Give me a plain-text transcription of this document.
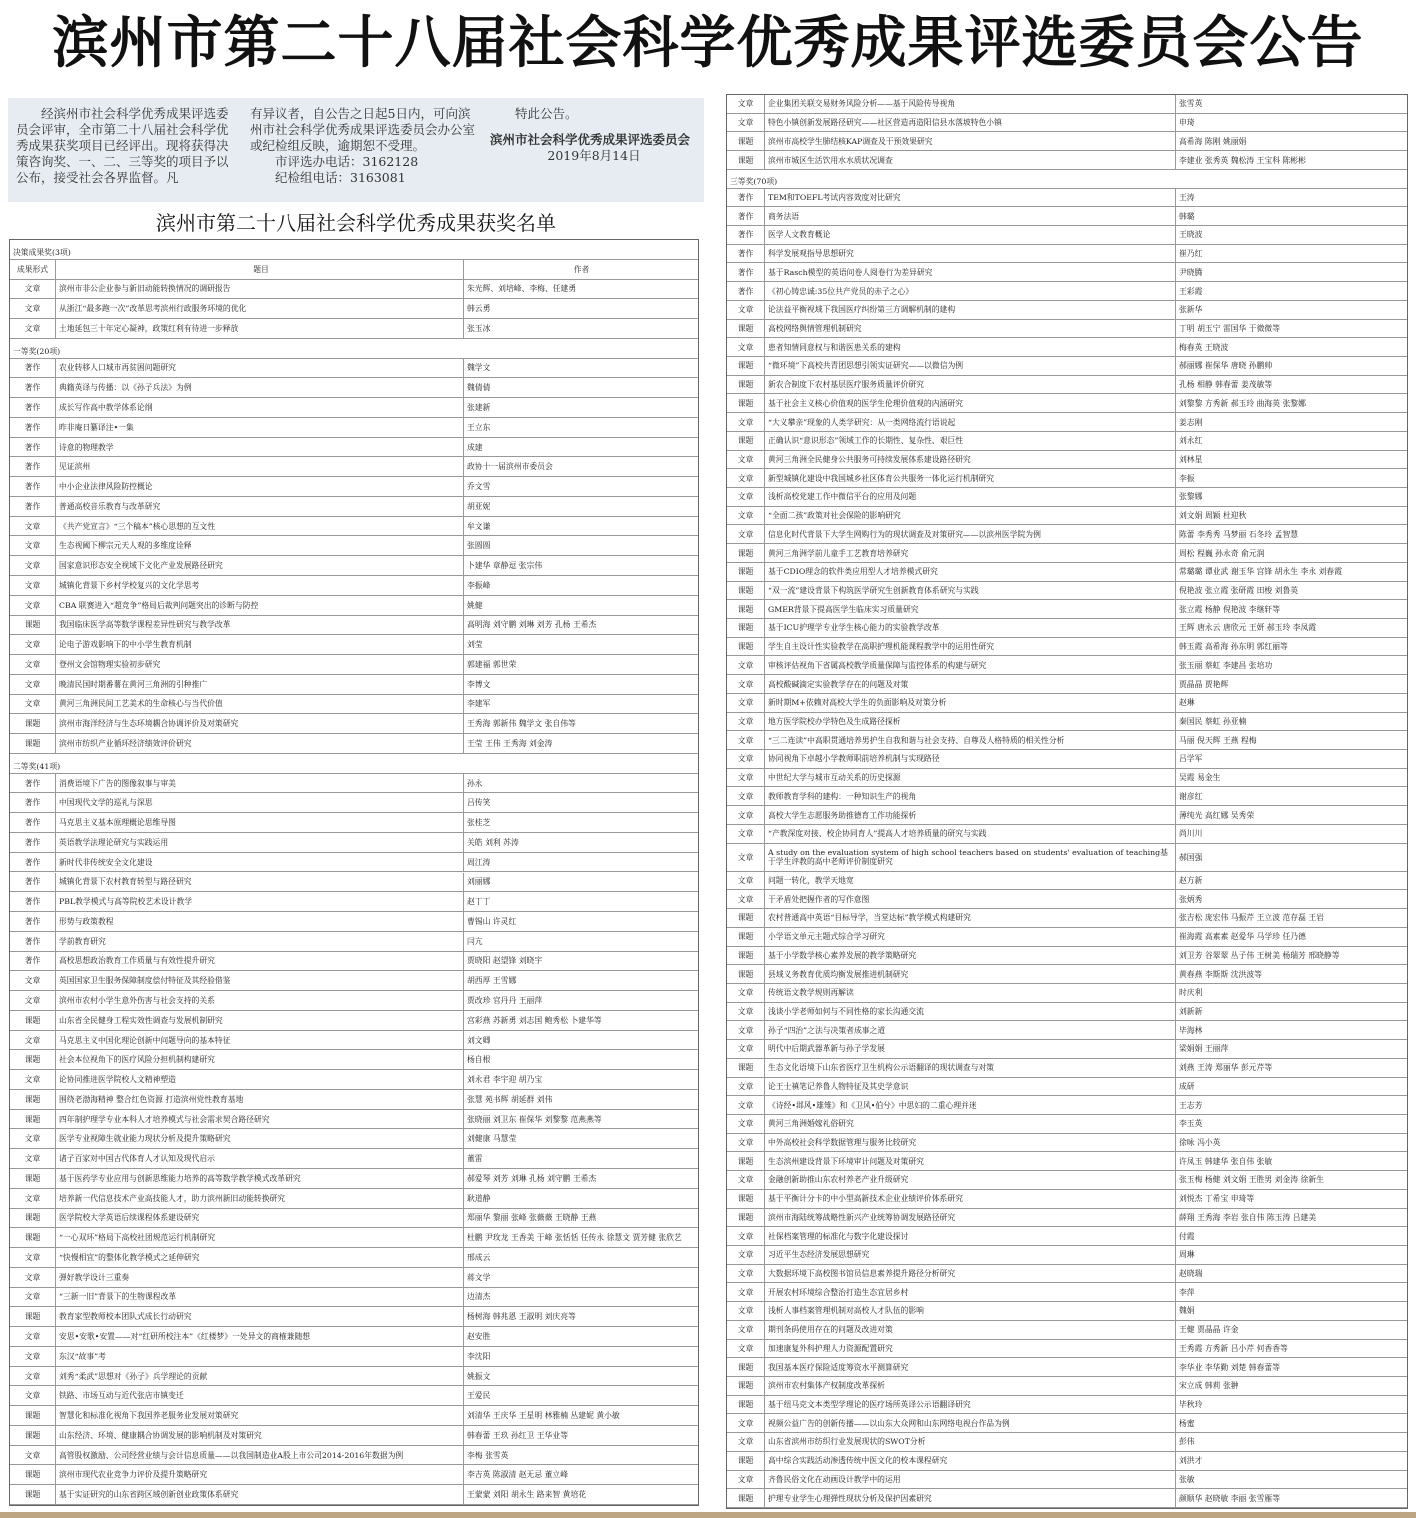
滨州市第二十八届社会科学优秀成果评选委员会公告

经滨州市社会科学优秀成果评选委员会评审，全市第二十八届社会科学优秀成果获奖项目已经评出。现将获得决策咨询奖、一、二、三等奖的项目予以公布，接受社会各界监督。凡

有异议者，自公告之日起5日内，可向滨州市社会科学优秀成果评选委员会办公室或纪检组反映，逾期恕不受理。
市评选办电话：3162128
纪检组电话：3163081
特此公告。
滨州市社会科学优秀成果评选委员会
2019年8月14日
滨州市第二十八届社会科学优秀成果获奖名单
决策成果奖(3项)
成果形式	题目	作者
文章	滨州市非公企业参与新旧动能转换情况的调研报告	朱光辉、刘培峰、李梅、任建勇
文章	从浙江“最多跑一次”改革思考滨州行政服务环境的优化	韩云勇
文章	土地延包三十年定心凝神，政策红利有待进一步释放	张玉冰
一等奖(20项)
著作	农业转移人口城市再贫困问题研究	魏学文
著作	典籍英译与传播：以《孙子兵法》为例	魏倩倩
著作	成长写作高中教学体系论纲	张建新
著作	昨非庵日纂译注•一集	王立东
著作	诗意的物理教学	成建
著作	见证滨州	政协十一届滨州市委员会
著作	中小企业法律风险防控概论	乔文雪
著作	普通高校音乐教育与改革研究	胡亚妮
文章	《共产党宣言》“三个稿本”核心思想的互文性	牟文谦
文章	生态视阈下柳宗元天人观的多维度诠释	张圆圆
文章	国家意识形态安全视域下文化产业发展路径研究	卜建华 章静逗 张宗伟
文章	城镇化背景下乡村学校复兴的文化学思考	李振峰
文章	CBA 联赛进入“超竞争”格局后裁判问题突出的诊断与防控	姚健
课题	我国临床医学高等数学课程差异性研究与教学改革	高明海 刘守鹏 刘琳 刘芳 孔杨 王希杰
文章	论电子游戏影响下的中小学生教育机制	刘莹
文章	登州文会馆物理实验初步研究	郭建福 郭世荣
文章	晚清民国时期番薯在黄河三角洲的引种推广	李博文
文章	黄河三角洲民间工艺美术的生命核心与当代价值	李建军
课题	滨州市海洋经济与生态环境耦合协调评价及对策研究	王秀海 郭新伟 魏学文 张自伟等
课题	滨州市纺织产业循环经济绩效评价研究	王莹 王伟 王秀海 刘金涛
二等奖(41项)
著作	消费语境下广告的图像叙事与审美	孙永
著作	中国现代文学的巡礼与深思	吕传笑
著作	马克思主义基本原理概论思维导图	张桂芝
著作	英语教学法理论研究与实践运用	关皓 刘利 苏涛
著作	新时代非传统安全文化建设	周江涛
著作	城镇化背景下农村教育转型与路径研究	刘丽娜
著作	PBL教学模式与高等院校艺术设计教学	赵丁丁
著作	形势与政策教程	曹锡山 许灵红
著作	学前教育研究	闫亢
著作	高校思想政治教育工作质量与有效性提升研究	贾晓阳 赵望锋 刘晓宇
文章	英国国家卫生服务保障制度偿付特征及其经验借鉴	胡西厚 王雪娜
文章	滨州市农村小学生意外伤害与社会支持的关系	贾改珍 官丹丹 王丽萍
课题	山东省全民健身工程实效性调查与发展机制研究	宫彩燕 苏新勇 刘志国 鲍秀松 卜建华等
文章	马克思主义中国化理论创新中问题导向的基本特征	刘文卿
课题	社会本位视角下的医疗风险分担机制构建研究	杨自根
文章	论协同推进医学院校人文精神塑造	刘永君 李宇迎 胡乃宝
课题	围绕老渤海精神 整合红色资源 打造滨州党性教育基地	张慧 苑书辉 胡延群 刘伟
课题	四年制护理学专业本科人才培养模式与社会需求契合路径研究	张晓丽 刘卫东 崔保华 刘黎黎 范燕燕等
文章	医学专业视障生就业能力现状分析及提升策略研究	刘健康 马慧莹
文章	诸子百家对中国古代体育人才认知及现代启示	董雷
课题	基于医药学专业应用与创新思维能力培养的高等数学教学模式改革研究	郝爱琴 刘芳 刘琳 孔杨 刘守鹏 王希杰
文章	培养新一代信息技术产业高技能人才，助力滨州新旧动能转换研究	耿道静
课题	医学院校大学英语后续课程体系建设研究	郑丽华 黎丽 张峰 张薇薇 王晓静 王燕
课题	“一心双环”格局下高校社团规范运行机制研究	杜鹏 尹玫龙 王香美 于峰 张恬恬 任传永 徐慧文 贾芳健 张欣艺
文章	“快慢相宜”的整体化教学模式之延伸研究	邢成云
文章	弹好教学设计三重奏	蒋文学
文章	“三新一旧”背景下的生物课程改革	边清杰
课题	教育家型教师校本团队式成长行动研究	杨树海 韩兆恩 王淑明 刘庆亮等
文章	安思•安歌•安置——对“红研所校注本”《红楼梦》一处异文的商榷兼随想	赵安胜
文章	东汉“故事”考	李沈阳
文章	刘秀“柔武”思想对《孙子》兵学理论的贡献	姚振文
文章	铁路、市场互动与近代张店市镇变迁	王爱民
课题	智慧化和标准化视角下我国养老服务业发展对策研究	刘清华 王庆华 王星明 林雅楠 丛建妮 黄小敏
课题	山东经济、环境、健康耦合协调发展的影响机制及对策研究	韩春蕾 王玖 孙红卫 王华业等
文章	高管股权激励、公司经营业绩与会计信息质量——以我国制造业A股上市公司2014-2016年数据为例	李梅 张雪英
课题	滨州市现代农业竞争力评价及提升策略研究	李吉英 陈淑清 赵无忌 董立峰
课题	基于实证研究的山东省跨区域创新创业政策体系研究	王蒙蒙 刘阳 胡永生 路来智 黄培花
文章	企业集团关联交易财务风险分析——基于风险传导视角	张雪英
文章	特色小镇创新发展路径研究——社区营造再造阳信县水落坡特色小镇	申琦
课题	滨州市高校学生肺结核KAP调查及干预效果研究	高希海 陈刚 姚丽娟
课题	滨州市城区生活饮用水水质状况调查	李建业 张秀英 魏松涛 王宝科 陈彬彬
三等奖(70项)
著作	TEM和TOEFL考试内容效度对比研究	王涛
著作	商务法语	韩璐
著作	医学人文教育概论	王晓波
著作	科学发展观指导思想研究	崔乃红
著作	基于Rasch模型的英语问卷人阅卷行为差异研究	尹晓腾
著作	《初心铸忠诚:35位共产党员的赤子之心》	王彩霞
文章	论法益平衡视域下我国医疗纠纷第三方调解机制的建构	张新华
课题	高校网络舆情管理机制研究	丁明 胡玉宁 雷国华 于微微等
文章	患者知情同意权与和谐医患关系的建构	梅春英 王晓波
课题	“微环境”下高校共青团思想引领实证研究——以微信为例	郝丽娜 崔保华 唐晓 孙鹏帅
课题	新农合制度下农村基层医疗服务质量评价研究	孔杨 相静 韩春蕾 姜茂敏等
课题	基于社会主义核心价值观的医学生伦理价值观的内涵研究	刘黎黎 方秀新 郝玉玲 曲海英 张黎娜
文章	“大义攀亲”现象的人类学研究：从一类网络流行语说起	姜志刚
课题	正确认识“意识形态”领域工作的长期性、复杂性、艰巨性	刘永红
文章	黄河三角洲全民健身公共服务可持续发展体系建设路径研究	刘林星
文章	新型城镇化建设中我国城乡社区体育公共服务一体化运行机制研究	李振
文章	浅析高校党建工作中微信平台的应用及问题	张黎娜
文章	“全面二孩”政策对社会保险的影响研究	刘文娟 周颖 杜迎秋
文章	信息化时代背景下大学生网购行为的现状调查及对策研究——以滨州医学院为例	陈蕾 李秀秀 马梦丽 石冬玲 孟智慧
课题	黄河三角洲学前儿童手工艺教育培养研究	周松 程巍 孙永奇 俞元润
课题	基于CDIO理念的软件类应用型人才培养模式研究	常璐璐 谭业武 谢玉华 宫锋 胡永生 李永 刘春霞
课题	“双一流”建设背景下构筑医学研究生创新教育体系研究与实践	倪艳波 张立霞 张研霞 田梭 刘鲁英
课题	GMER背景下提高医学生临床实习质量研究	张立霞 杨静 倪艳波 李继轩等
课题	基于ICU护理学专业学生核心能力的实验教学改革	王辉 唐永云 唐欣元 王妍 郝玉玲 李凤霞
课题	学生自主设计性实验教学在高职护理机能课程教学中的运用性研究	韩玉霞 高希海 孙东明 郭红丽等
文章	审核评估视角下省属高校教学质量保障与监控体系的构建与研究	张玉丽 蔡虹 李建昌 张培功
文章	高校酸碱滴定实验教学存在的问题及对策	贾晶晶 贾艳辉
文章	新时期M+依赖对高校大学生的负面影响及对策分析	赵琳
文章	地方医学院校办学特色及生成路径探析	秦国民 蔡虹 孙亚楠
文章	“三二连读”中高职贯通培养男护生自我和谐与社会支持、自尊及人格特质的相关性分析	马丽 倪天辉 王燕 程梅
文章	协同视角下卓越小学教师职前培养机制与实现路径	吕学军
文章	中世纪大学与城市互动关系的历史探源	吴霞 易金生
文章	教师教育学科的建构：一种知识生产的视角	谢彦红
文章	高校大学生志愿服务助推德育工作功能探析	薄纯光 高红娜 吴秀荣
文章	“产教深度对接、校企协同育人”提高人才培养质量的研究与实践	尚川川
文章	A study on the evaluation system of high school teachers based on students' evaluation of teaching基于学生评教的高中老师评价制度研究	郝国强
文章	问题一转化，教学天地宽	赵方新
文章	于矛盾处把握作者的写作意图	张炳秀
课题	农村普通高中英语“目标导学，当堂达标”教学模式构建研究	张吉松 庞宏伟 马振芹 王立波 范存磊 王岩
课题	小学语文单元主题式综合学习研究	崔海霞 高素素 赵爱华 马学珍 任乃德
课题	基于小学数学核心素养发展的教学策略研究	刘卫芳 谷翠翠 丛子伟 王树美 杨瑞芳 邢晓静等
课题	县域义务教育优质均衡发展推进机制研究	黄春燕 李斯斯 沈洪波等
文章	传统语文教学规则再解读	时庆利
文章	浅谈小学老师如何与不同性格的家长沟通交流	刘新新
文章	孙子“四治”之法与决策者成事之道	毕海林
文章	明代中后期武器革新与孙子学发展	梁娟娟 王丽萍
课题	生态文化语境下山东省医疗卫生机构公示语翻译的现状调查与对策	刘燕 王涛 郑丽华 彭元芹等
文章	论王士禛笔记养鲁人物特征及其史学意识	成研
文章	《诗经•邶风•雄雉》和《卫风•伯兮》中思妇的二重心理并迷	王志芳
文章	黄河三角洲婚嫁礼俗研究	李玉英
文章	中外高校社会科学数据管理与服务比较研究	徐咏 冯小英
课题	生态滨州建设背景下环境审计问题及对策研究	许凤玉 韩建华 张自伟 张敏
文章	金融创新助推山东农村养老产业升级研究	张玉梅 杨健 刘文娟 王胜男 刘金涛 徐新生
课题	基于平衡计分卡的中小型高新技术企业业绩评价体系研究	刘悦杰 丁希宝 申琦等
课题	滨州市海陆统筹战略性新兴产业统筹协调发展路径研究	薛翔 王秀海 李岩 张自伟 陈玉涛 吕建美
文章	社保档案管理的标准化与数字化建设探讨	付霞
文章	习近平生态经济发展思想研究	周琳
文章	大数据环境下高校图书馆员信息素养提升路径分析研究	赵晓瑞
文章	开展农村环境综合整治打造生态宜居乡村	李萍
文章	浅析人事档案管理机制对高校人才队伍的影响	魏娟
文章	期刊条码使用存在的问题及改进对策	王健 贾晶晶 许金
文章	加速康复外科护理人力资源配置研究	王秀霞 方秀新 吕小芹 何香香等
课题	我国基本医疗保险适度筹资水平测算研究	李华业 李华勤 刘楚 韩春蕾等
课题	滨州市农村集体产权制度改革探析	宋立成 韩莉 张翀
课题	基于纽马克文本类型学理论的医疗场所英译公示语翻译研究	毕秋玲
文章	视频公益广告的创新传播——以山东大众网和山东网络电视台作品为例	杨蜜
文章	山东省滨州市纺织行业发展现状的SWOT分析	彭伟
课题	高中综合实践活动渗透传统中医文化的校本课程研究	刘洪才
文章	齐鲁民俗文化在动画设计教学中的运用	张敏
课题	护理专业学生心理弹性现状分析及保护因素研究	颜顺华 赵晓敏 李丽 张雪雁等
